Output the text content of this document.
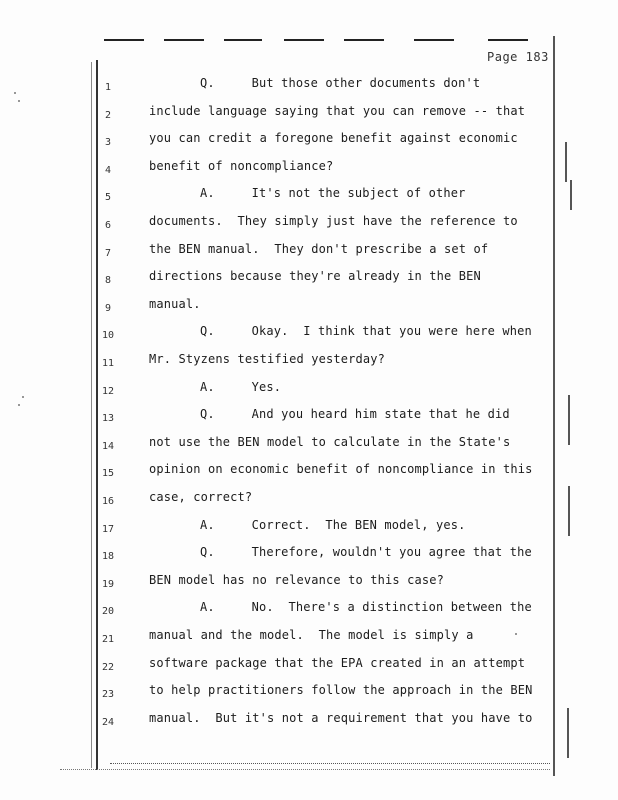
Page 183
1	Q.     But those other documents don't
2	include language saying that you can remove -- that
3	you can credit a foregone benefit against economic
4	benefit of noncompliance?
5	A.     It's not the subject of other
6	documents.  They simply just have the reference to
7	the BEN manual.  They don't prescribe a set of
8	directions because they're already in the BEN
9	manual.
10	Q.     Okay.  I think that you were here when
11	Mr. Styzens testified yesterday?
12	A.     Yes.
13	Q.     And you heard him state that he did
14	not use the BEN model to calculate in the State's
15	opinion on economic benefit of noncompliance in this
16	case, correct?
17	A.     Correct.  The BEN model, yes.
18	Q.     Therefore, wouldn't you agree that the
19	BEN model has no relevance to this case?
20	A.     No.  There's a distinction between the
21	manual and the model.  The model is simply a
22	software package that the EPA created in an attempt
23	to help practitioners follow the approach in the BEN
24	manual.  But it's not a requirement that you have to
